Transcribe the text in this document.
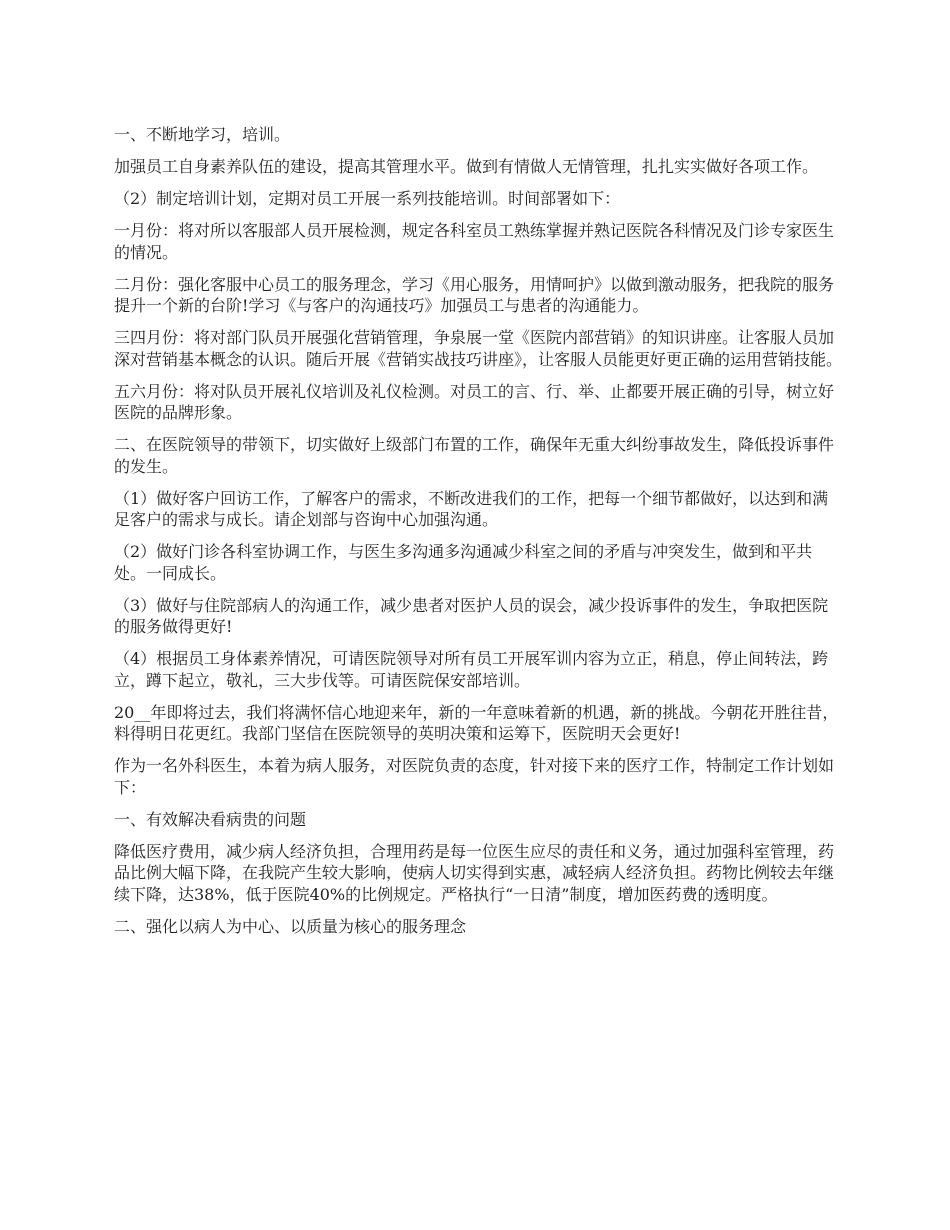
一、不断地学习，培训。

加强员工自身素养队伍的建设，提高其管理水平。做到有情做人无情管理，扎扎实实做好各项工作。

（2）制定培训计划，定期对员工开展一系列技能培训。时间部署如下：

一月份：将对所以客服部人员开展检测，规定各科室员工熟练掌握并熟记医院各科情况及门诊专家医生的情况。

二月份：强化客服中心员工的服务理念，学习《用心服务，用情呵护》以做到激动服务，把我院的服务提升一个新的台阶!学习《与客户的沟通技巧》加强员工与患者的沟通能力。

三四月份：将对部门队员开展强化营销管理，争泉展一堂《医院内部营销》的知识讲座。让客服人员加深对营销基本概念的认识。随后开展《营销实战技巧讲座》，让客服人员能更好更正确的运用营销技能。

五六月份：将对队员开展礼仪培训及礼仪检测。对员工的言、行、举、止都要开展正确的引导，树立好医院的品牌形象。

二、在医院领导的带领下，切实做好上级部门布置的工作，确保年无重大纠纷事故发生，降低投诉事件的发生。

（1）做好客户回访工作，了解客户的需求，不断改进我们的工作，把每一个细节都做好，以达到和满足客户的需求与成长。请企划部与咨询中心加强沟通。

（2）做好门诊各科室协调工作，与医生多沟通多沟通减少科室之间的矛盾与冲突发生，做到和平共处。一同成长。

（3）做好与住院部病人的沟通工作，减少患者对医护人员的误会，减少投诉事件的发生，争取把医院的服务做得更好!

（4）根据员工身体素养情况，可请医院领导对所有员工开展军训内容为立正，稍息，停止间转法，跨立，蹲下起立，敬礼，三大步伐等。可请医院保安部培训。

20__年即将过去，我们将满怀信心地迎来年，新的一年意味着新的机遇，新的挑战。今朝花开胜往昔，料得明日花更红。我部门坚信在医院领导的英明决策和运筹下，医院明天会更好!

作为一名外科医生，本着为病人服务，对医院负责的态度，针对接下来的医疗工作，特制定工作计划如下：

一、有效解决看病贵的问题

降低医疗费用，减少病人经济负担，合理用药是每一位医生应尽的责任和义务，通过加强科室管理，药品比例大幅下降，在我院产生较大影响，使病人切实得到实惠，减轻病人经济负担。药物比例较去年继续下降，达38%，低于医院40%的比例规定。严格执行“一日清”制度，增加医药费的透明度。

二、强化以病人为中心、以质量为核心的服务理念
